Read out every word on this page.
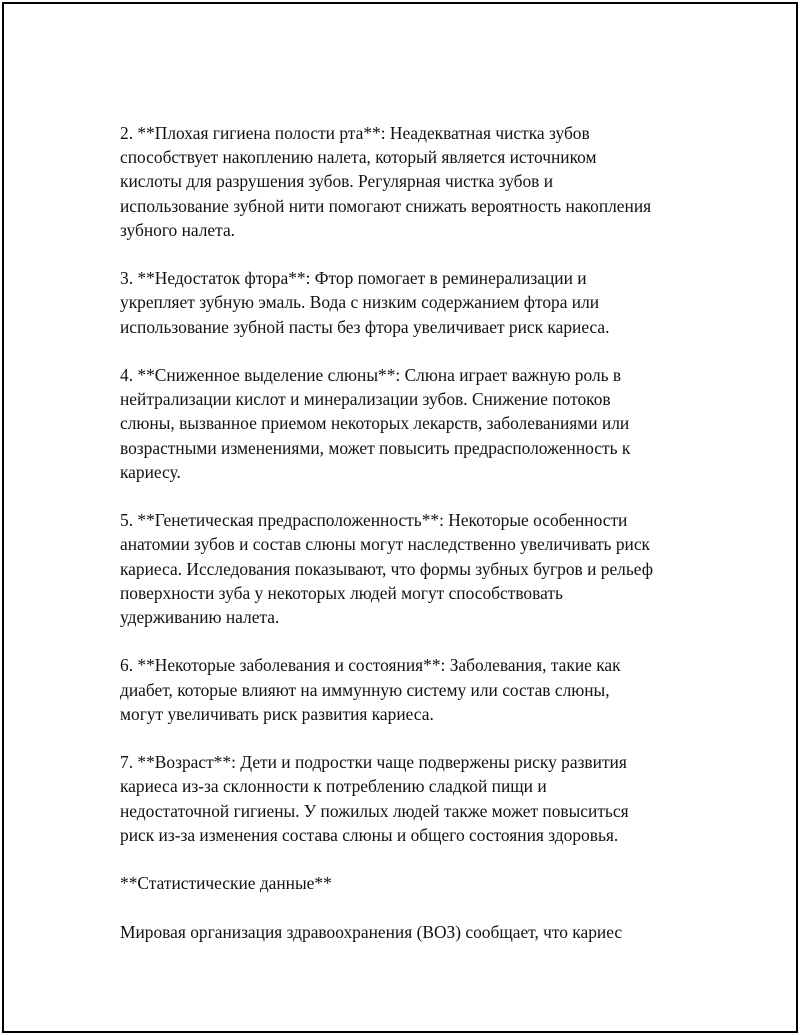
2. **Плохая гигиена полости рта**: Неадекватная чистка зубов
способствует накоплению налета, который является источником
кислоты для разрушения зубов. Регулярная чистка зубов и
использование зубной нити помогают снижать вероятность накопления
зубного налета.

3. **Недостаток фтора**: Фтор помогает в реминерализации и
укрепляет зубную эмаль. Вода с низким содержанием фтора или
использование зубной пасты без фтора увеличивает риск кариеса.

4. **Сниженное выделение слюны**: Слюна играет важную роль в
нейтрализации кислот и минерализации зубов. Снижение потоков
слюны, вызванное приемом некоторых лекарств, заболеваниями или
возрастными изменениями, может повысить предрасположенность к
кариесу.

5. **Генетическая предрасположенность**: Некоторые особенности
анатомии зубов и состав слюны могут наследственно увеличивать риск
кариеса. Исследования показывают, что формы зубных бугров и рельеф
поверхности зуба у некоторых людей могут способствовать
удерживанию налета.

6. **Некоторые заболевания и состояния**: Заболевания, такие как
диабет, которые влияют на иммунную систему или состав слюны,
могут увеличивать риск развития кариеса.

7. **Возраст**: Дети и подростки чаще подвержены риску развития
кариеса из-за склонности к потреблению сладкой пищи и
недостаточной гигиены. У пожилых людей также может повыситься
риск из-за изменения состава слюны и общего состояния здоровья.

**Статистические данные**

Мировая организация здравоохранения (ВОЗ) сообщает, что кариес
